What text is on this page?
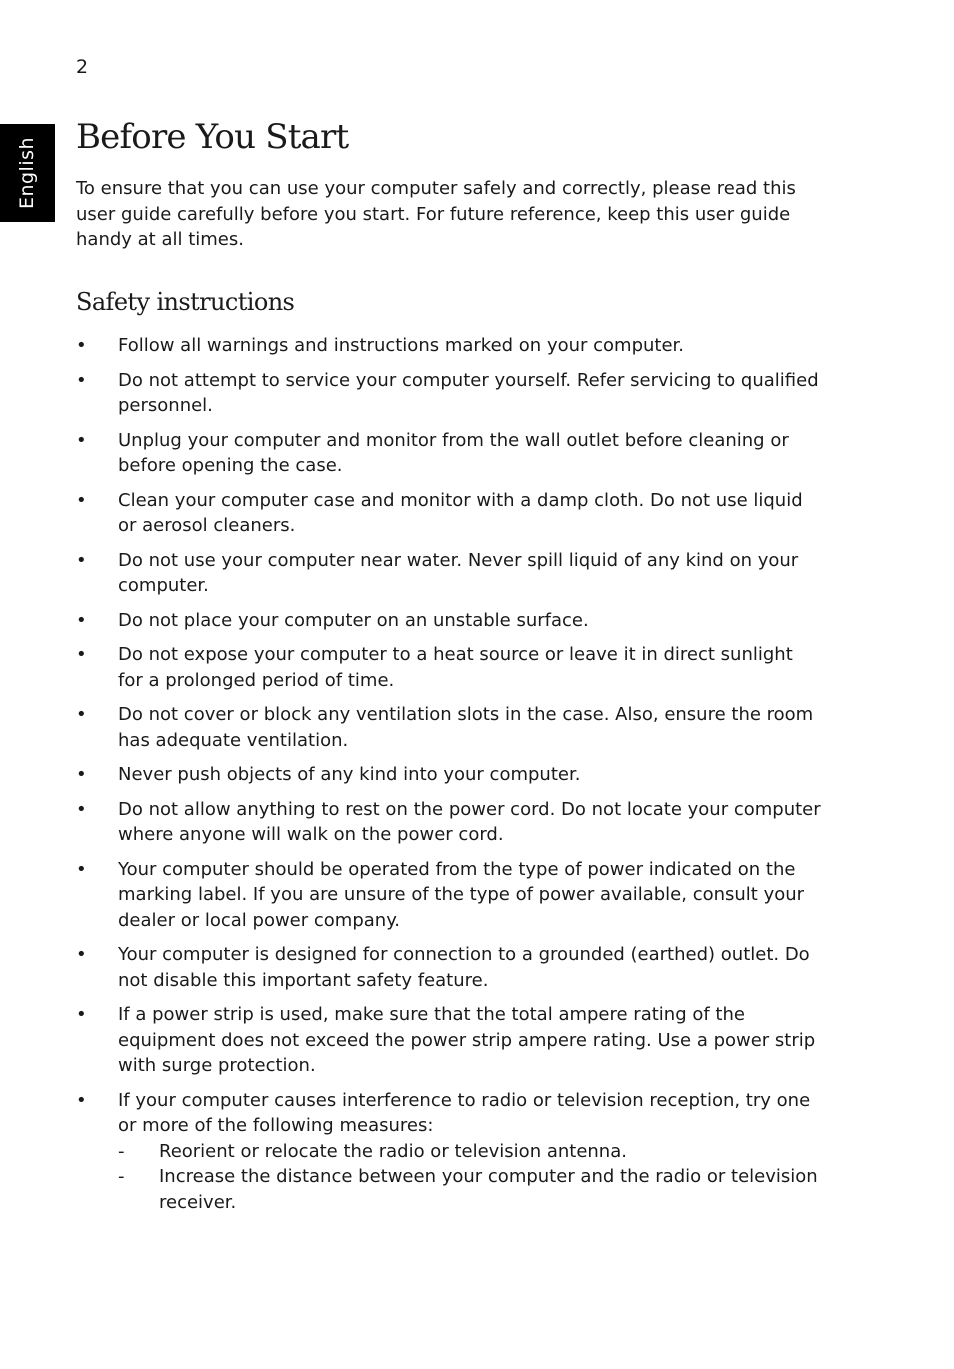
2
English Before You Start

To ensure that you can use your computer safely and correctly, please read this user guide carefully before you start. For future reference, keep this user guide handy at all times.

Safety instructions
• Follow all warnings and instructions marked on your computer.
• Do not attempt to service your computer yourself. Refer servicing to qualified personnel.
• Unplug your computer and monitor from the wall outlet before cleaning or before opening the case.
• Clean your computer case and monitor with a damp cloth. Do not use liquid or aerosol cleaners.
• Do not use your computer near water. Never spill liquid of any kind on your computer.
• Do not place your computer on an unstable surface.
• Do not expose your computer to a heat source or leave it in direct sunlight for a prolonged period of time.
• Do not cover or block any ventilation slots in the case. Also, ensure the room has adequate ventilation.
• Never push objects of any kind into your computer.
• Do not allow anything to rest on the power cord. Do not locate your computer where anyone will walk on the power cord.
• Your computer should be operated from the type of power indicated on the marking label. If you are unsure of the type of power available, consult your dealer or local power company.
• Your computer is designed for connection to a grounded (earthed) outlet. Do not disable this important safety feature.
• If a power strip is used, make sure that the total ampere rating of the equipment does not exceed the power strip ampere rating. Use a power strip with surge protection.
• If your computer causes interference to radio or television reception, try one or more of the following measures:
- Reorient or relocate the radio or television antenna.
- Increase the distance between your computer and the radio or television receiver.
